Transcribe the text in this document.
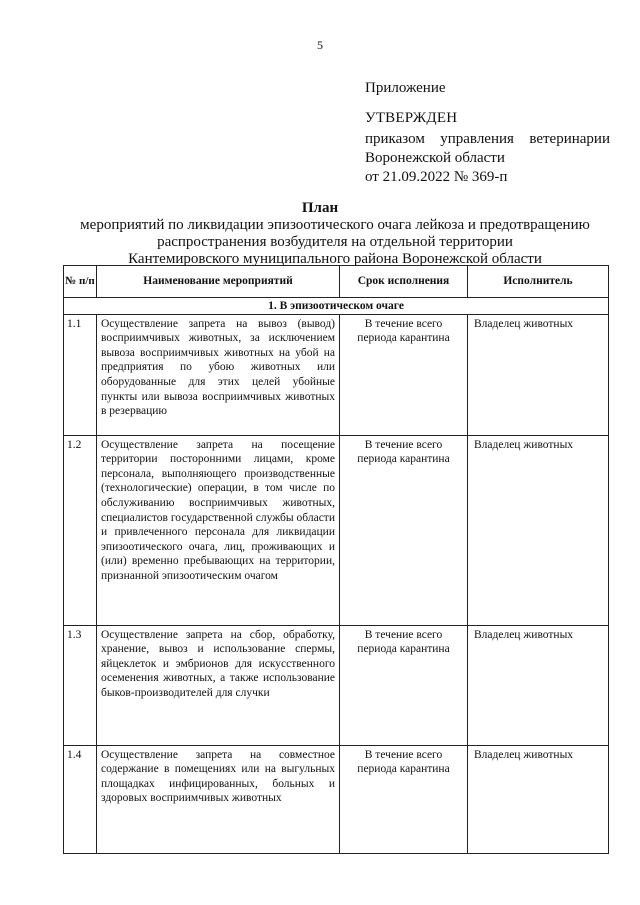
5
Приложение
УТВЕРЖДЕН
приказом управления ветеринарии
Воронежской области
от 21.09.2022 № 369-п
План
мероприятий по ликвидации эпизоотического очага лейкоза и предотвращению
распространения возбудителя на отдельной территории
Кантемировского муниципального района Воронежской области
№ п/п	Наименование мероприятий	Срок исполнения	Исполнитель
1. В эпизоотическом очаге			
1.1	Осуществление запрета на вывоз (вывод) восприимчивых животных, за исключением вывоза восприимчивых животных на убой на предприятия по убою животных или оборудованные для этих целей убойные пункты или вывоза восприимчивых животных в резервацию	В течение всего периода карантина	Владелец животных
1.2	Осуществление запрета на посещение территории посторонними лицами, кроме персонала, выполняющего производственные (технологические) операции, в том числе по обслуживанию восприимчивых животных, специалистов государственной службы области и привлеченного персонала для ликвидации эпизоотического очага, лиц, проживающих и (или) временно пребывающих на территории, признанной эпизоотическим очагом	В течение всего периода карантина	Владелец животных
1.3	Осуществление запрета на сбор, обработку, хранение, вывоз и использование спермы, яйцеклеток и эмбрионов для искусственного осеменения животных, а также использование быков-производителей для случки	В течение всего периода карантина	Владелец животных
1.4	Осуществление запрета на совместное содержание в помещениях или на выгульных площадках инфицированных, больных и здоровых восприимчивых животных	В течение всего периода карантина	Владелец животных
